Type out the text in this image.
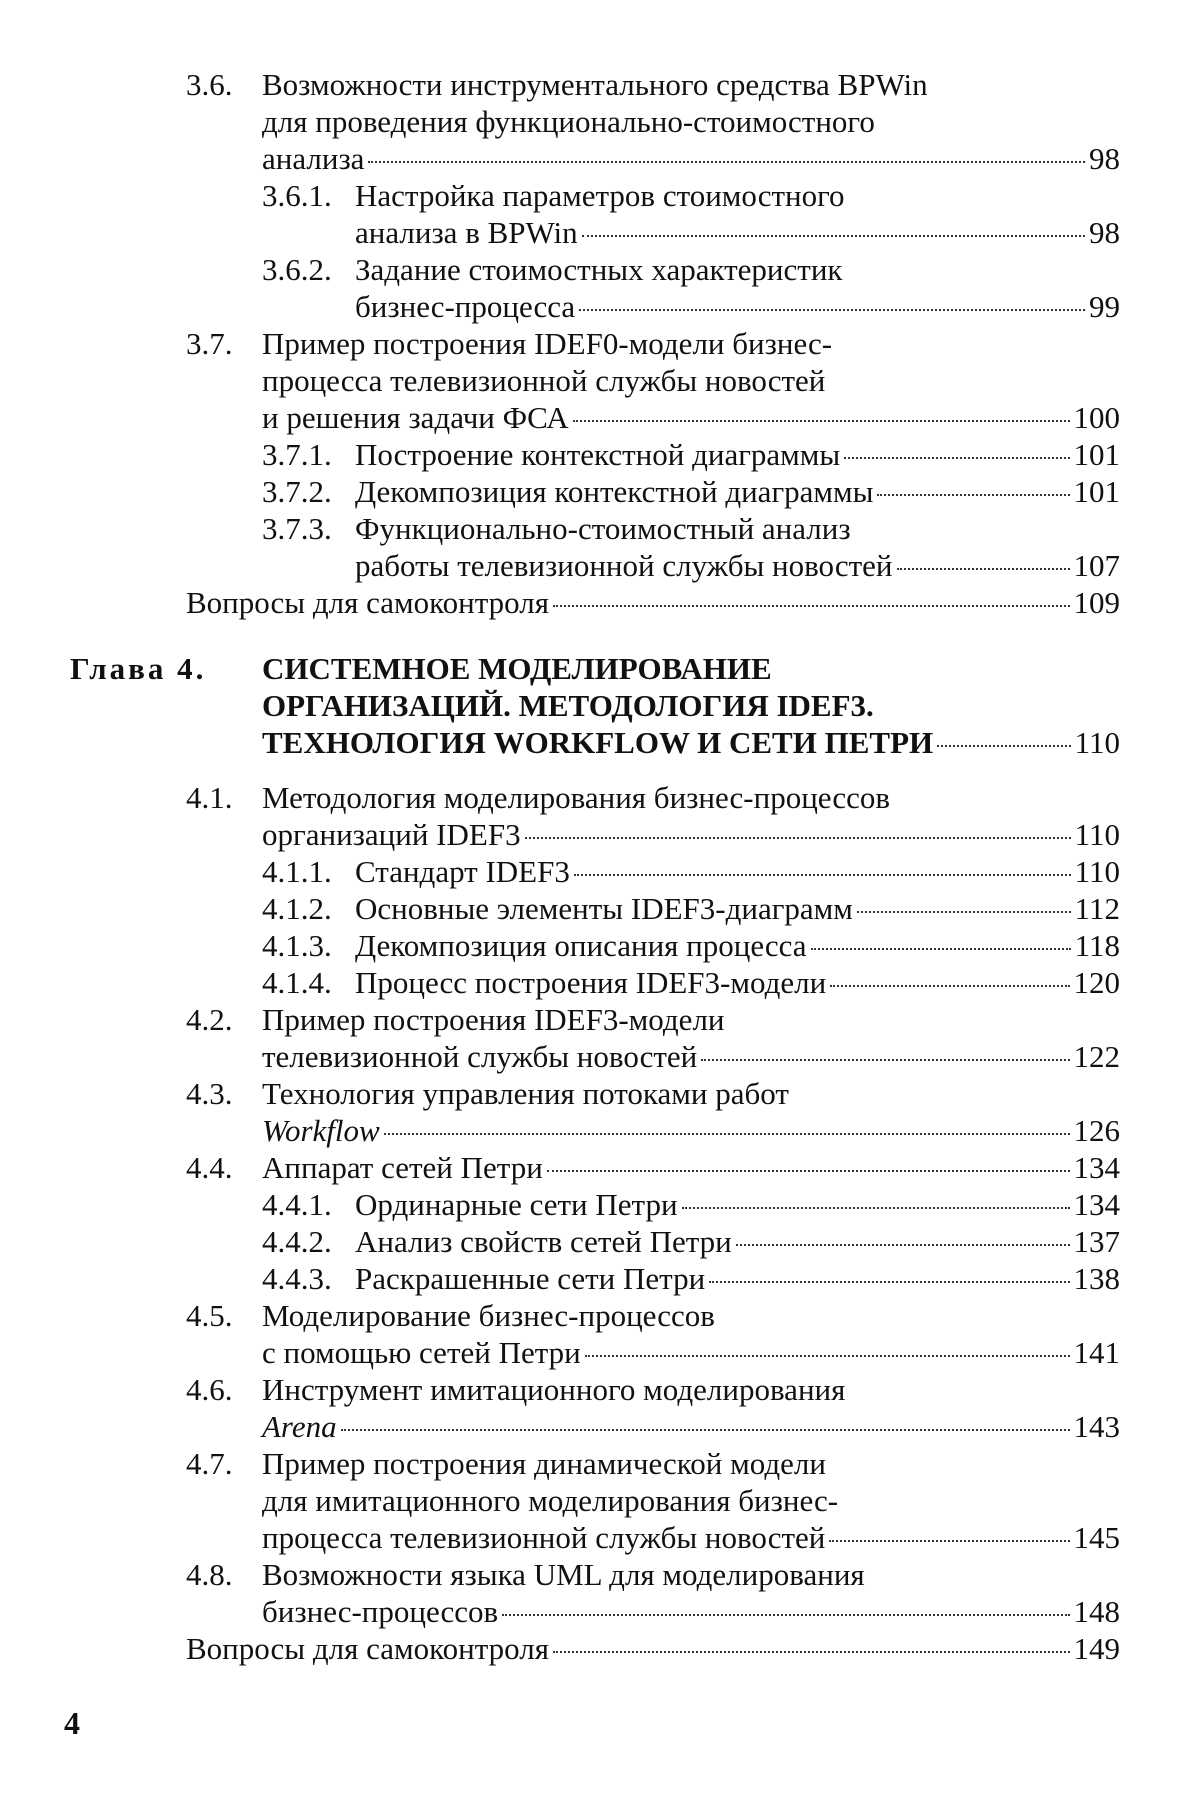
3.6. Возможности инструментального средства BPWin
для проведения функционально-стоимостного
анализа	98
3.6.1. Настройка параметров стоимостного
анализа в BPWin	98
3.6.2. Задание стоимостных характеристик
бизнес-процесса	99
3.7. Пример построения IDEF0-модели бизнес-
процесса телевизионной службы новостей
и решения задачи ФСА	100
3.7.1. Построение контекстной диаграммы	101
3.7.2. Декомпозиция контекстной диаграммы	101
3.7.3. Функционально-стоимостный анализ
работы телевизионной службы новостей	107
Вопросы для самоконтроля	109
Глава 4. СИСТЕМНОЕ МОДЕЛИРОВАНИЕ
ОРГАНИЗАЦИЙ. МЕТОДОЛОГИЯ IDEF3.
ТЕХНОЛОГИЯ WORKFLOW И СЕТИ ПЕТРИ	110
4.1. Методология моделирования бизнес-процессов
организаций IDEF3	110
4.1.1. Стандарт IDEF3	110
4.1.2. Основные элементы IDEF3-диаграмм	112
4.1.3. Декомпозиция описания процесса	118
4.1.4. Процесс построения IDEF3-модели	120
4.2. Пример построения IDEF3-модели
телевизионной службы новостей	122
4.3. Технология управления потоками работ
Workflow	126
4.4. Аппарат сетей Петри	134
4.4.1. Ординарные сети Петри	134
4.4.2. Анализ свойств сетей Петри	137
4.4.3. Раскрашенные сети Петри	138
4.5. Моделирование бизнес-процессов
с помощью сетей Петри	141
4.6. Инструмент имитационного моделирования
Arena	143
4.7. Пример построения динамической модели
для имитационного моделирования бизнес-
процесса телевизионной службы новостей	145
4.8. Возможности языка UML для моделирования
бизнес-процессов	148
Вопросы для самоконтроля	149
4
